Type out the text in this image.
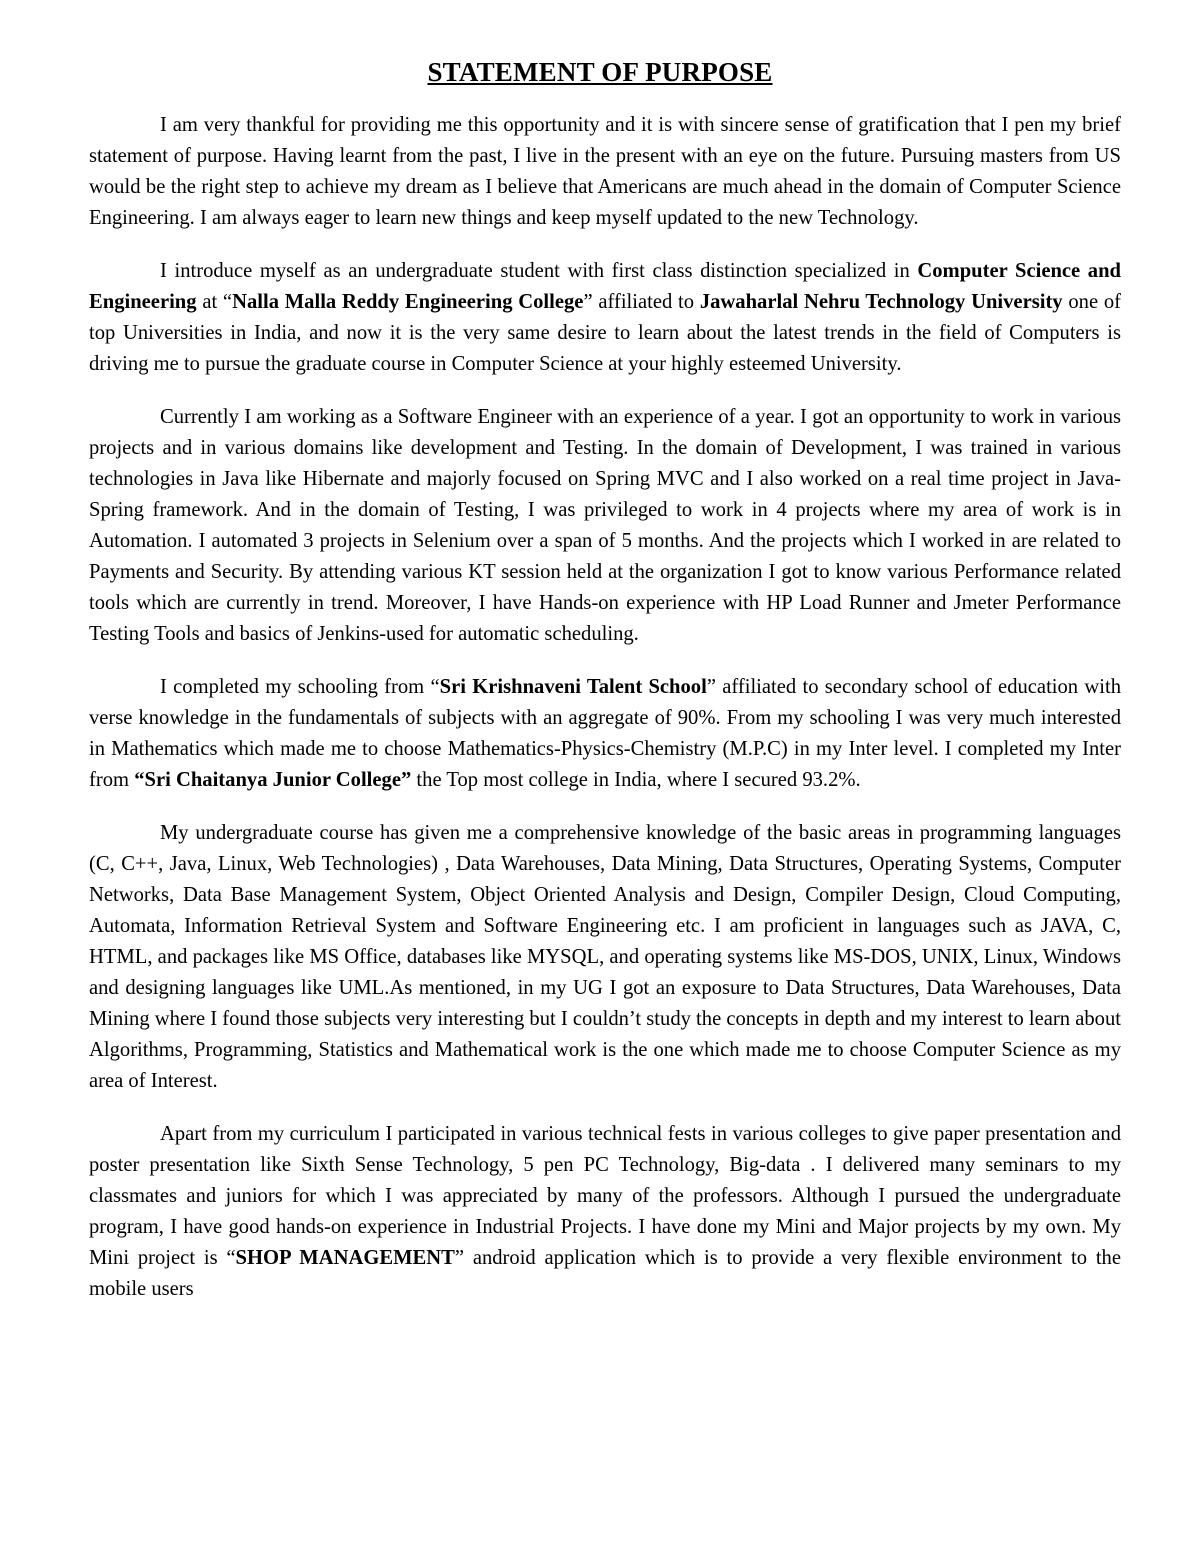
STATEMENT OF PURPOSE

I am very thankful for providing me this opportunity and it is with sincere sense of gratification that I pen my brief statement of purpose. Having learnt from the past, I live in the present with an eye on the future. Pursuing masters from US would be the right step to achieve my dream as I believe that Americans are much ahead in the domain of Computer Science Engineering. I am always eager to learn new things and keep myself updated to the new Technology.

I introduce myself as an undergraduate student with first class distinction specialized in Computer Science and Engineering at “Nalla Malla Reddy Engineering College” affiliated to Jawaharlal Nehru Technology University one of top Universities in India, and now it is the very same desire to learn about the latest trends in the field of Computers is driving me to pursue the graduate course in Computer Science at your highly esteemed University.

Currently I am working as a Software Engineer with an experience of a year. I got an opportunity to work in various projects and in various domains like development and Testing. In the domain of Development, I was trained in various technologies in Java like Hibernate and majorly focused on Spring MVC and I also worked on a real time project in Java-Spring framework. And in the domain of Testing, I was privileged to work in 4 projects where my area of work is in Automation. I automated 3 projects in Selenium over a span of 5 months. And the projects which I worked in are related to Payments and Security. By attending various KT session held at the organization I got to know various Performance related tools which are currently in trend. Moreover, I have Hands-on experience with HP Load Runner and Jmeter Performance Testing Tools and basics of Jenkins-used for automatic scheduling.

I completed my schooling from “Sri Krishnaveni Talent School” affiliated to secondary school of education with verse knowledge in the fundamentals of subjects with an aggregate of 90%. From my schooling I was very much interested in Mathematics which made me to choose Mathematics-Physics-Chemistry (M.P.C) in my Inter level. I completed my Inter from “Sri Chaitanya Junior College” the Top most college in India, where I secured 93.2%.

My undergraduate course has given me a comprehensive knowledge of the basic areas in programming languages (C, C++, Java, Linux, Web Technologies) , Data Warehouses, Data Mining, Data Structures, Operating Systems, Computer Networks, Data Base Management System, Object Oriented Analysis and Design, Compiler Design, Cloud Computing, Automata, Information Retrieval System and Software Engineering etc. I am proficient in languages such as JAVA, C, HTML, and packages like MS Office, databases like MYSQL, and operating systems like MS-DOS, UNIX, Linux, Windows and designing languages like UML.As mentioned, in my UG I got an exposure to Data Structures, Data Warehouses, Data Mining where I found those subjects very interesting but I couldn’t study the concepts in depth and my interest to learn about Algorithms, Programming, Statistics and Mathematical work is the one which made me to choose Computer Science as my area of Interest.

Apart from my curriculum I participated in various technical fests in various colleges to give paper presentation and poster presentation like Sixth Sense Technology, 5 pen PC Technology, Big-data . I delivered many seminars to my classmates and juniors for which I was appreciated by many of the professors. Although I pursued the undergraduate program, I have good hands-on experience in Industrial Projects. I have done my Mini and Major projects by my own. My Mini project is “SHOP MANAGEMENT” android application which is to provide a very flexible environment to the mobile users
